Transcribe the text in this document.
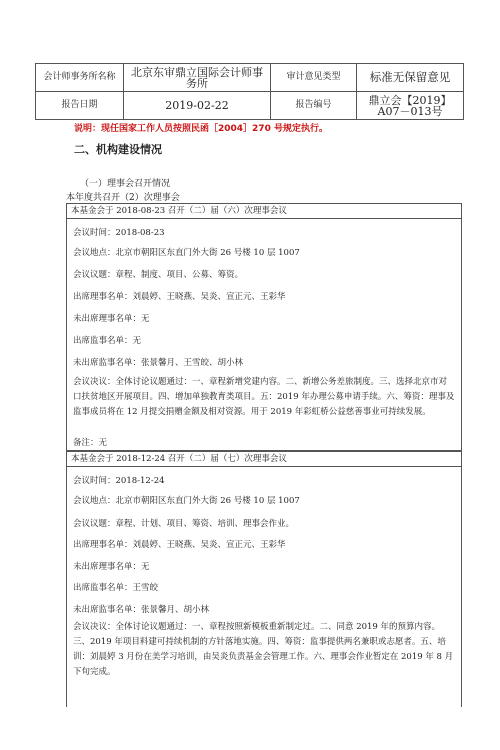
会计师事务所名称	北京东审鼎立国际会计师事务所	审计意见类型	标准无保留意见
报告日期	2019-02-22	报告编号	鼎立会【2019】A07－013号
说明：现任国家工作人员按照民函［2004］270 号规定执行。
二、机构建设情况
（一）理事会召开情况
本年度共召开（2）次理事会
本基金会于 2018-08-23 召开（二）届（六）次理事会议
会议时间：2018-08-23
会议地点：北京市朝阳区东直门外大街 26 号楼 10 层 1007
会议议题：章程、制度、项目、公募、筹资。
出席理事名单：刘晨婷、王晓燕、吴炎、宣正元、王彩华
未出席理事名单：无
出席监事名单：无
未出席监事名单：张景馨月、王雪皎、胡小林
会议决议：全体讨论议题通过：一、章程新增党建内容。二、新增公务差旅制度。三、选择北京市对口扶贫地区开展项目。四、增加单独教育类项目。五：2019 年办理公募申请手续。六、筹资：理事及监事成员将在 12 月提交捐赠金额及相对资源。用于 2019 年彩虹桥公益慈善事业可持续发展。
备注：无
本基金会于 2018-12-24 召开（二）届（七）次理事会议
会议时间：2018-12-24
会议地点：北京市朝阳区东直门外大街 26 号楼 10 层 1007
会议议题：章程、计划、项目、筹资、培训、理事会作业。
出席理事名单：刘晨婷、王晓燕、吴炎、宣正元、王彩华
未出席理事名单：无
出席监事名单：王雪皎
未出席监事名单：张景馨月、胡小林
会议决议：全体讨论议题通过：一、章程按照新模板重新制定过。二、同意 2019 年的预算内容。三、2019 年项目料建可持续机制的方针落地实施。四、筹资：监事提供两名兼职或志愿者。五、培训：刘晨婷 3 月份在美学习培训，由吴炎负责基金会管理工作。六、理事会作业暂定在 2019 年 8 月下旬完成。
